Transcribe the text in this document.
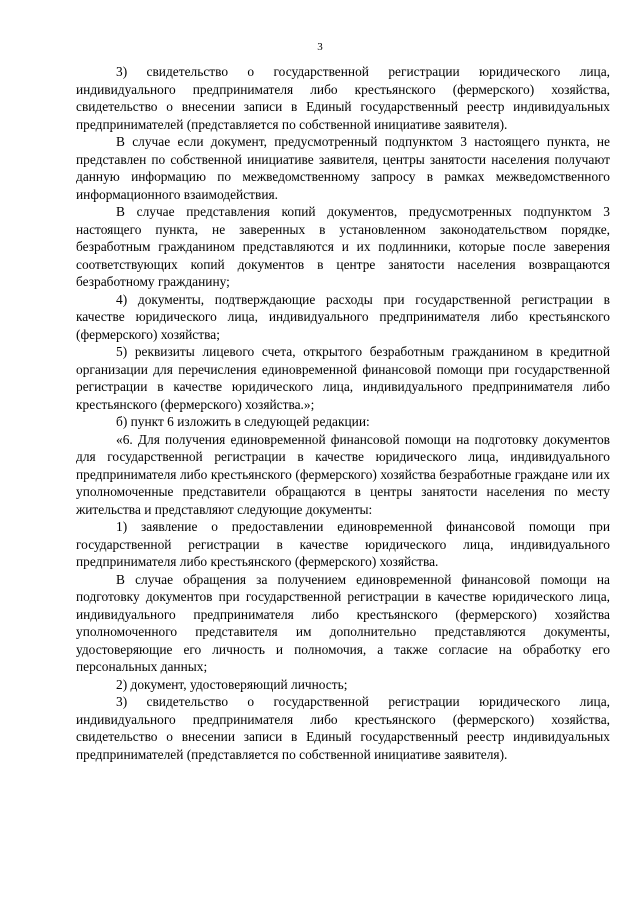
3

3) свидетельство о государственной регистрации юридического лица, индивидуального предпринимателя либо крестьянского (фермерского) хозяйства, свидетельство о внесении записи в Единый государственный реестр индивидуальных предпринимателей (представляется по собственной инициативе заявителя).

В случае если документ, предусмотренный подпунктом 3 настоящего пункта, не представлен по собственной инициативе заявителя, центры занятости населения получают данную информацию по межведомственному запросу в рамках межведомственного информационного взаимодействия.

В случае представления копий документов, предусмотренных подпунктом 3 настоящего пункта, не заверенных в установленном законодательством порядке, безработным гражданином представляются и их подлинники, которые после заверения соответствующих копий документов в центре занятости населения возвращаются безработному гражданину;

4) документы, подтверждающие расходы при государственной регистрации в качестве юридического лица, индивидуального предпринимателя либо крестьянского (фермерского) хозяйства;

5) реквизиты лицевого счета, открытого безработным гражданином в кредитной организации для перечисления единовременной финансовой помощи при государственной регистрации в качестве юридического лица, индивидуального предпринимателя либо крестьянского (фермерского) хозяйства.»;

б) пункт 6 изложить в следующей редакции:

«6. Для получения единовременной финансовой помощи на подготовку документов для государственной регистрации в качестве юридического лица, индивидуального предпринимателя либо крестьянского (фермерского) хозяйства безработные граждане или их уполномоченные представители обращаются в центры занятости населения по месту жительства и представляют следующие документы:

1) заявление о предоставлении единовременной финансовой помощи при государственной регистрации в качестве юридического лица, индивидуального предпринимателя либо крестьянского (фермерского) хозяйства.

В случае обращения за получением единовременной финансовой помощи на подготовку документов при государственной регистрации в качестве юридического лица, индивидуального предпринимателя либо крестьянского (фермерского) хозяйства уполномоченного представителя им дополнительно представляются документы, удостоверяющие его личность и полномочия, а также согласие на обработку его персональных данных;

2) документ, удостоверяющий личность;

3) свидетельство о государственной регистрации юридического лица, индивидуального предпринимателя либо крестьянского (фермерского) хозяйства, свидетельство о внесении записи в Единый государственный реестр индивидуальных предпринимателей (представляется по собственной инициативе заявителя).
